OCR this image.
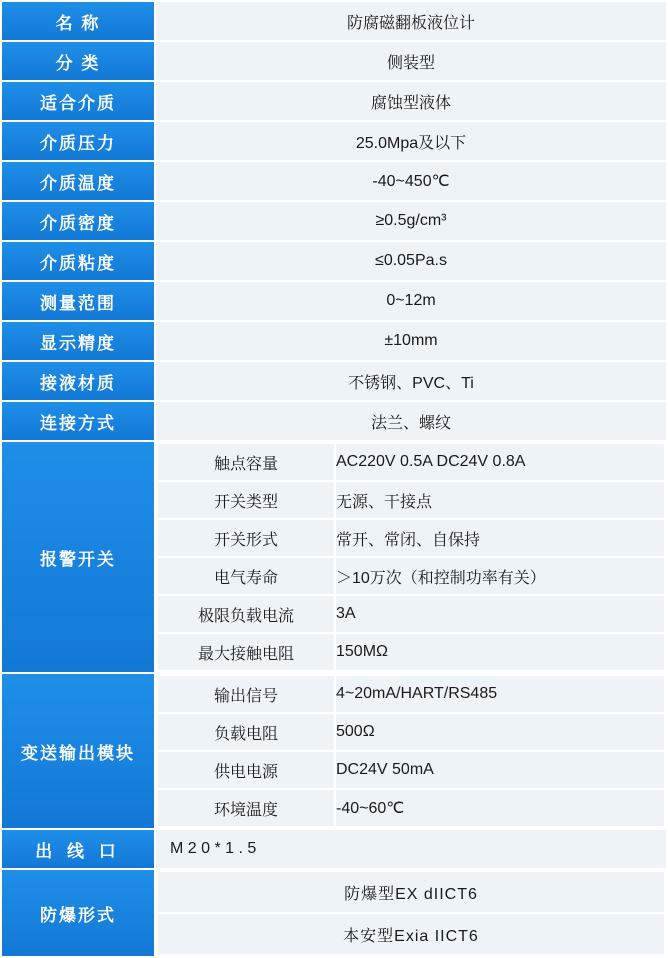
名 称	防腐磁翻板液位计
分 类	侧装型
适合介质	腐蚀型液体
介质压力	25.0Mpa及以下
介质温度	-40~450℃
介质密度	≥0.5g/cm³
介质粘度	≤0.05Pa.s
测量范围	0~12m
显示精度	±10mm
接液材质	不锈钢、PVC、Ti
连接方式	法兰、螺纹
报警开关	
触点容量	AC220V 0.5A DC24V 0.8A
开关类型	无源、干接点
开关形式	常开、常闭、自保持
电气寿命	＞10万次（和控制功率有关）
极限负载电流	3A
最大接触电阻	150MΩ

变送输出模块	
输出信号	4~20mA/HART/RS485
负载电阻	500Ω
供电电源	DC24V 50mA
环境温度	-40~60℃

出 线 口	M 2 0 * 1 . 5
防爆形式	
防爆型EX dIICT6
本安型Exia IICT6
